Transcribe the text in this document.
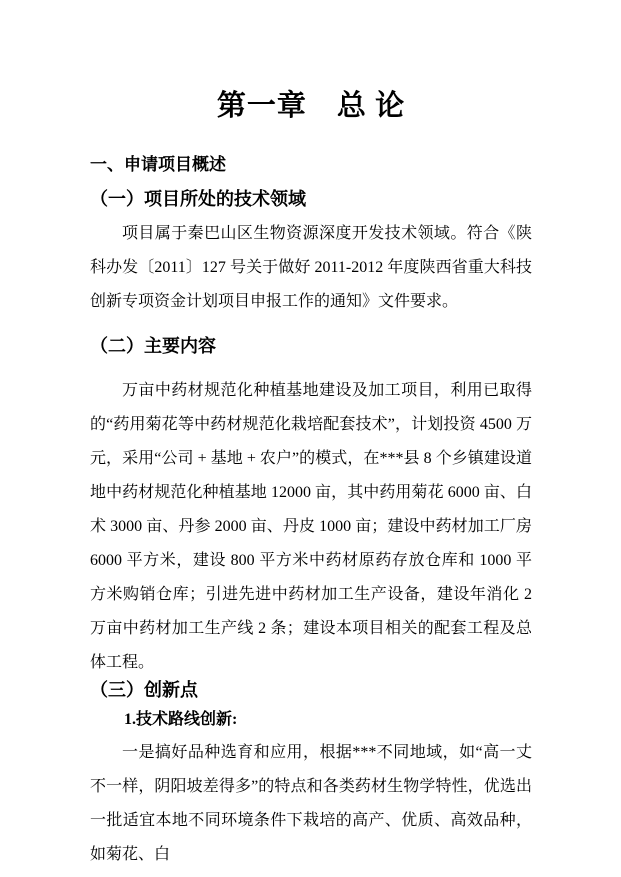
第一章　总 论
一、申请项目概述
（一）项目所处的技术领域

项目属于秦巴山区生物资源深度开发技术领域。符合《陕科办发〔2011〕127 号关于做好 2011-2012 年度陕西省重大科技创新专项资金计划项目申报工作的通知》文件要求。

（二）主要内容

万亩中药材规范化种植基地建设及加工项目，利用已取得的“药用菊花等中药材规范化栽培配套技术”，计划投资 4500 万元，采用“公司 + 基地 + 农户”的模式，在***县 8 个乡镇建设道地中药材规范化种植基地 12000 亩，其中药用菊花 6000 亩、白术 3000 亩、丹参 2000 亩、丹皮 1000 亩；建设中药材加工厂房 6000 平方米，建设 800 平方米中药材原药存放仓库和 1000 平方米购销仓库；引进先进中药材加工生产设备，建设年消化 2 万亩中药材加工生产线 2 条；建设本项目相关的配套工程及总体工程。

（三）创新点
1.技术路线创新:

一是搞好品种选育和应用，根据***不同地域，如“高一丈不一样，阴阳坡差得多”的特点和各类药材生物学特性，优选出一批适宜本地不同环境条件下栽培的高产、优质、高效品种，如菊花、白
